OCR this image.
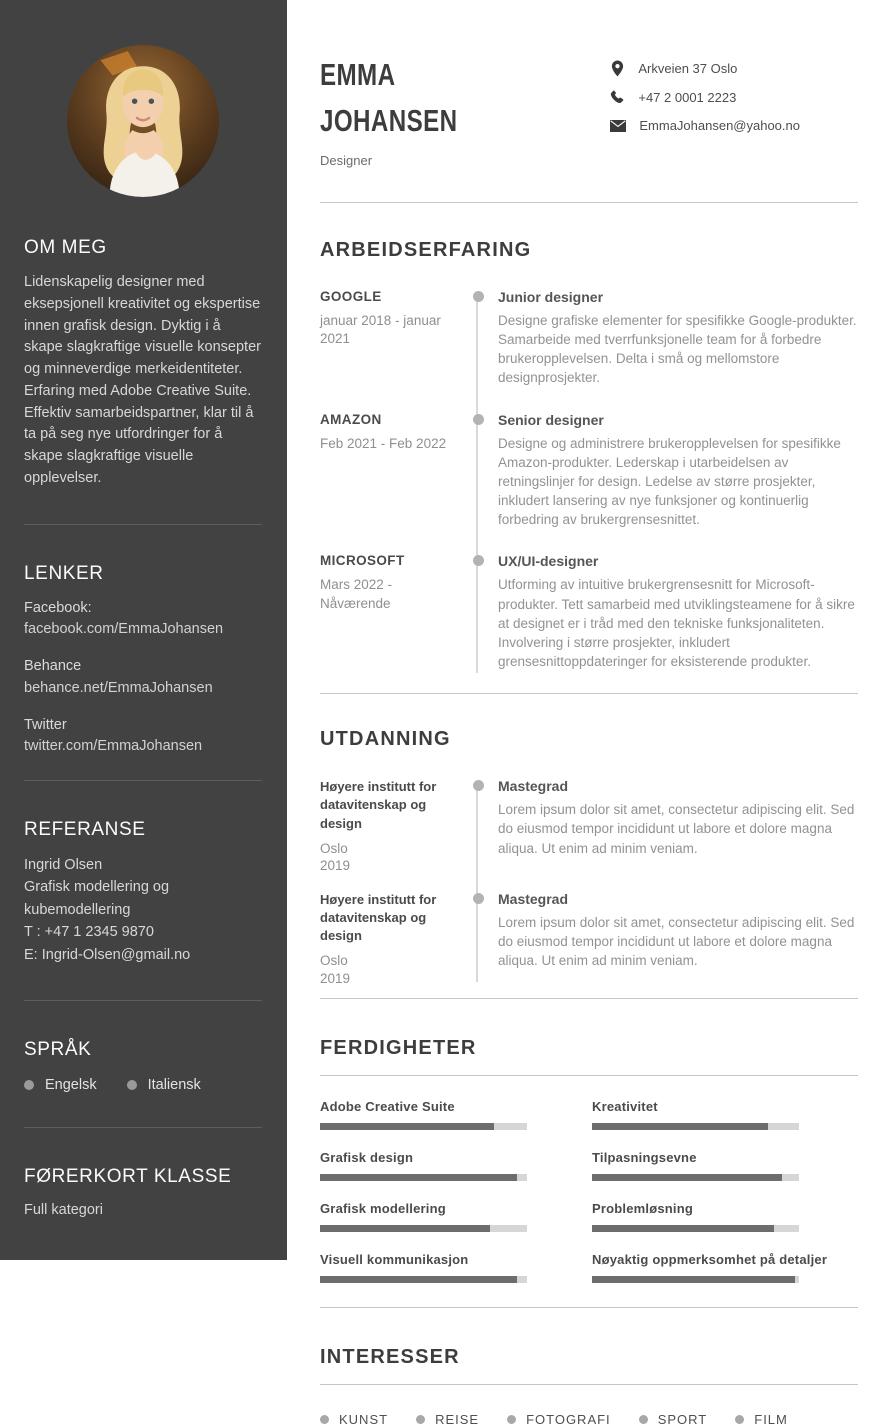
OM MEG

Lidenskapelig designer med eksepsjonell kreativitet og ekspertise innen grafisk design. Dyktig i å skape slagkraftige visuelle konsepter og minneverdige merkeidentiteter. Erfaring med Adobe Creative Suite. Effektiv samarbeidspartner, klar til å ta på seg nye utfordringer for å skape slagkraftige visuelle opplevelser.

LENKER
Facebook:
facebook.com/EmmaJohansen
Behance
behance.net/EmmaJohansen
Twitter
twitter.com/EmmaJohansen
REFERANSE
Ingrid Olsen
Grafisk modellering og kubemodellering
T : +47 1 2345 9870
E: Ingrid-Olsen@gmail.no
SPRÅK
Engelsk	Italiensk
FØRERKORT KLASSE
Full kategori
EMMA
JOHANSEN
Designer
Arkveien 37 Oslo
+47 2 0001 2223
EmmaJohansen@yahoo.no
ARBEIDSERFARING
GOOGLE
januar 2018 - januar 2021
Junior designer
Designe grafiske elementer for spesifikke Google-produkter. Samarbeide med tverrfunksjonelle team for å forbedre brukeropplevelsen. Delta i små og mellomstore designprosjekter.
AMAZON
Feb 2021 - Feb 2022
Senior designer
Designe og administrere brukeropplevelsen for spesifikke Amazon-produkter. Lederskap i utarbeidelsen av retningslinjer for design. Ledelse av større prosjekter, inkludert lansering av nye funksjoner og kontinuerlig forbedring av brukergrensesnittet.
MICROSOFT
Mars 2022 - Nåværende
UX/UI-designer
Utforming av intuitive brukergrensesnitt for Microsoft-produkter. Tett samarbeid med utviklingsteamene for å sikre at designet er i tråd med den tekniske funksjonaliteten. Involvering i større prosjekter, inkludert grensesnittoppdateringer for eksisterende produkter.
UTDANNING
Høyere institutt for datavitenskap og design
Oslo
2019
Mastegrad
Lorem ipsum dolor sit amet, consectetur adipiscing elit. Sed do eiusmod tempor incididunt ut labore et dolore magna aliqua. Ut enim ad minim veniam.
Høyere institutt for datavitenskap og design
Oslo
2019
Mastegrad
Lorem ipsum dolor sit amet, consectetur adipiscing elit. Sed do eiusmod tempor incididunt ut labore et dolore magna aliqua. Ut enim ad minim veniam.
FERDIGHETER
Adobe Creative Suite	Kreativitet
Grafisk design	Tilpasningsevne
Grafisk modellering	Problemløsning
Visuell kommunikasjon	Nøyaktig oppmerksomhet på detaljer
INTERESSER
KUNST	REISE	FOTOGRAFI	SPORT	FILM
